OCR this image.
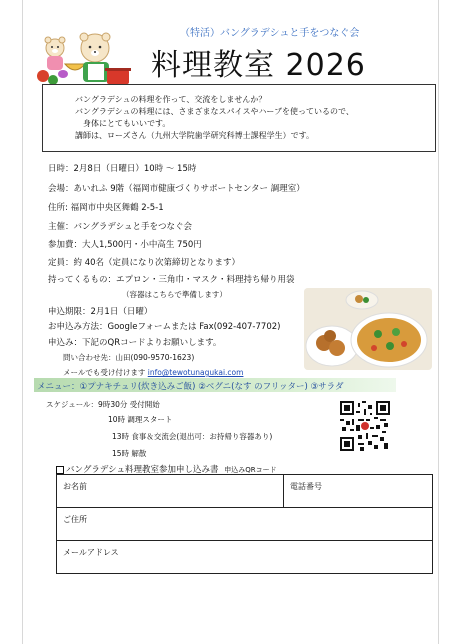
（特活）バングラデシュと手をつなぐ会
料理教室 2026

バングラデシュの料理を作って、交流をしませんか？

バングラデシュの料理には、さまざまなスパイスやハーブを使っているので、

身体にとてもいいです。

講師は、ローズさん（九州大学院歯学研究科博士課程学生）です。

日時：2月8日（日曜日）10時 ～ 15時
会場：あいれふ 9階（福岡市健康づくりサポートセンター 調理室）
住所: 福岡市中央区舞鶴 2-5-1
主催：バングラデシュと手をつなぐ会
参加費：大人1,500円・小中高生 750円
定員：約 40名（定員になり次第締切となります）
持ってくるもの：エプロン・三角巾・マスク・料理持ち帰り用袋
（容器はこちらで準備します）
申込期限：2月1日（日曜）
お申込み方法：Googleフォームまたは Fax(092-407-7702)
申込み：下記のQRコードよりお願いします。
問い合わせ先：山田(090-9570-1623)
メールでも受け付けます info@tewotunagukai.com
メニュー：①プナキチュリ(炊き込みご飯) ②ベグニ(なす のフリッター) ③サラダ
スケジュール：9時30分 受付開始
10時 調理スタート
13時 食事＆交流会(退出可：お持帰り容器あり)
15時 解散
バングラデシュ料理教室参加申し込み書 申込みQRコード
お名前	電話番号
ご住所
メールアドレス
